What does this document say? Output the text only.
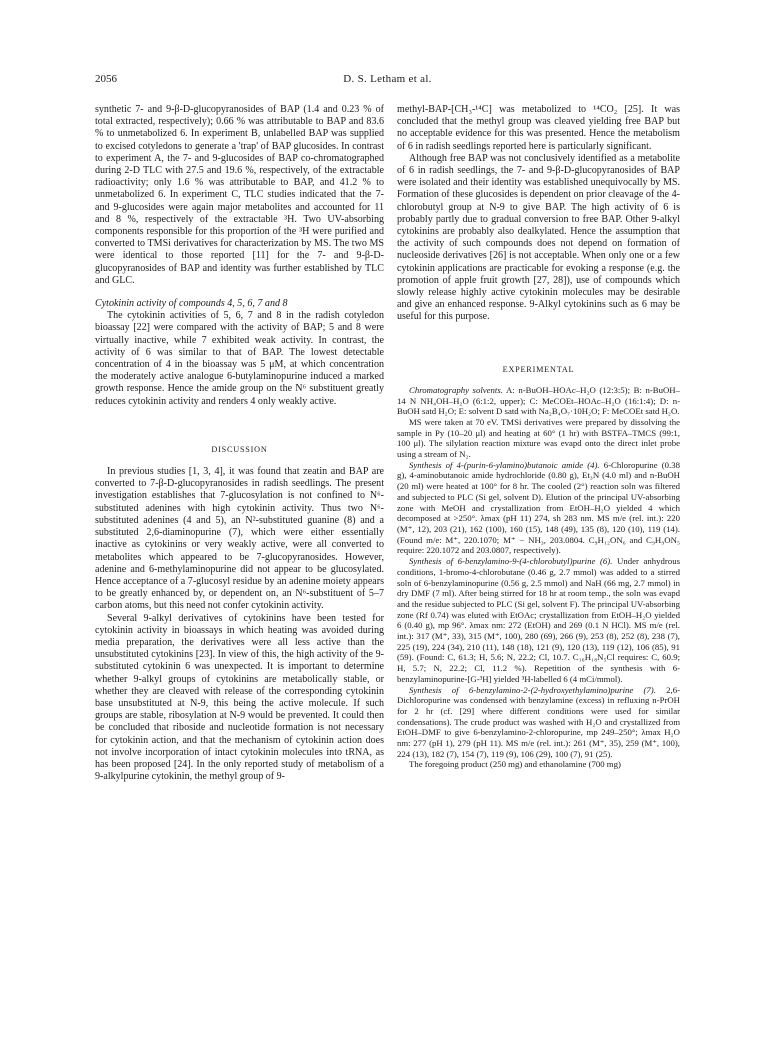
2056	D. S. Letham et al.

synthetic 7- and 9-β-D-glucopyranosides of BAP (1.4 and 0.23 % of total extracted, respectively); 0.66 % was attributable to BAP and 83.6 % to unmetabolized 6. In experiment B, unlabelled BAP was supplied to excised cotyledons to generate a 'trap' of BAP glucosides. In contrast to experiment A, the 7- and 9-glucosides of BAP co-chromatographed during 2-D TLC with 27.5 and 19.6 %, respectively, of the extractable radioactivity; only 1.6 % was attributable to BAP, and 41.2 % to unmetabolized 6. In experiment C, TLC studies indicated that the 7- and 9-glucosides were again major metabolites and accounted for 11 and 8 %, respectively of the extractable ³H. Two UV-absorbing components responsible for this proportion of the ³H were purified and converted to TMSi derivatives for characterization by MS. The two MS were identical to those reported [11] for the 7- and 9-β-D-glucopyranosides of BAP and identity was further established by TLC and GLC.

Cytokinin activity of compounds 4, 5, 6, 7 and 8

The cytokinin activities of 5, 6, 7 and 8 in the radish cotyledon bioassay [22] were compared with the activity of BAP; 5 and 8 were virtually inactive, while 7 exhibited weak activity. In contrast, the activity of 6 was similar to that of BAP. The lowest detectable concentration of 4 in the bioassay was 5 μM, at which concentration the moderately active analogue 6-butylaminopurine induced a marked growth response. Hence the amide group on the N⁶ substituent greatly reduces cytokinin activity and renders 4 only weakly active.

DISCUSSION

In previous studies [1, 3, 4], it was found that zeatin and BAP are converted to 7-β-D-glucopyranosides in radish seedlings. The present investigation establishes that 7-glucosylation is not confined to N⁶-substituted adenines with high cytokinin activity. Thus two N⁶-substituted adenines (4 and 5), an N²-substituted guanine (8) and a substituted 2,6-diaminopurine (7), which were either essentially inactive as cytokinins or very weakly active, were all converted to metabolites which appeared to be 7-glucopyranosides. However, adenine and 6-methylaminopurine did not appear to be glucosylated. Hence acceptance of a 7-glucosyl residue by an adenine moiety appears to be greatly enhanced by, or dependent on, an N⁶-substituent of 5–7 carbon atoms, but this need not confer cytokinin activity.

Several 9-alkyl derivatives of cytokinins have been tested for cytokinin activity in bioassays in which heating was avoided during media preparation, the derivatives were all less active than the unsubstituted cytokinins [23]. In view of this, the high activity of the 9-substituted cytokinin 6 was unexpected. It is important to determine whether 9-alkyl groups of cytokinins are metabolically stable, or whether they are cleaved with release of the corresponding cytokinin base unsubstituted at N-9, this being the active molecule. If such groups are stable, ribosylation at N-9 would be prevented. It could then be concluded that riboside and nucleotide formation is not necessary for cytokinin action, and that the mechanism of cytokinin action does not involve incorporation of intact cytokinin molecules into tRNA, as has been proposed [24]. In the only reported study of metabolism of a 9-alkylpurine cytokinin, the methyl group of 9-

methyl-BAP-[CH₃-¹⁴C] was metabolized to ¹⁴CO₂ [25]. It was concluded that the methyl group was cleaved yielding free BAP but no acceptable evidence for this was presented. Hence the metabolism of 6 in radish seedlings reported here is particularly significant.

Although free BAP was not conclusively identified as a metabolite of 6 in radish seedlings, the 7- and 9-β-D-glucopyranosides of BAP were isolated and their identity was established unequivocally by MS. Formation of these glucosides is dependent on prior cleavage of the 4-chlorobutyl group at N-9 to give BAP. The high activity of 6 is probably partly due to gradual conversion to free BAP. Other 9-alkyl cytokinins are probably also dealkylated. Hence the assumption that the activity of such compounds does not depend on formation of nucleoside derivatives [26] is not acceptable. When only one or a few cytokinin applications are practicable for evoking a response (e.g. the promotion of apple fruit growth [27, 28]), use of compounds which slowly release highly active cytokinin molecules may be desirable and give an enhanced response. 9-Alkyl cytokinins such as 6 may be useful for this purpose.

EXPERIMENTAL

Chromatography solvents. A: n-BuOH–HOAc–H₂O (12:3:5); B: n-BuOH–14 N NH₄OH–H₂O (6:1:2, upper); C: MeCOEt–HOAc–H₂O (16:1:4); D: n-BuOH satd H₂O; E: solvent D satd with Na₂B₄O₇·10H₂O; F: MeCOEt satd H₂O.

MS were taken at 70 eV. TMSi derivatives were prepared by dissolving the sample in Py (10–20 μl) and heating at 60° (1 hr) with BSTFA–TMCS (99:1, 100 μl). The silylation reaction mixture was evapd onto the direct inlet probe using a stream of N₂.

Synthesis of 4-(purin-6-ylamino)butanoic amide (4). 6-Chloropurine (0.38 g), 4-aminobutanoic amide hydrochloride (0.80 g), Et₃N (4.0 ml) and n-BuOH (20 ml) were heated at 100° for 8 hr. The cooled (2°) reaction soln was filtered and subjected to PLC (Si gel, solvent D). Elution of the principal UV-absorbing zone with MeOH and crystallization from EtOH–H₂O yielded 4 which decomposed at >250°. λmax (pH 11) 274, sh 283 nm. MS m/e (rel. int.): 220 (M⁺, 12), 203 (21), 162 (100), 160 (15), 148 (49), 135 (8), 120 (10), 119 (14). (Found m/e: M⁺, 220.1070; M⁺ − NH₃, 203.0804. C₉H₁₂ON₆ and C₉H₉ON₅ require: 220.1072 and 203.0807, respectively).

Synthesis of 6-benzylamino-9-(4-chlorobutyl)purine (6). Under anhydrous conditions, 1-bromo-4-chlorobutane (0.46 g, 2.7 mmol) was added to a stirred soln of 6-benzylaminopurine (0.56 g, 2.5 mmol) and NaH (66 mg, 2.7 mmol) in dry DMF (7 ml). After being stirred for 18 hr at room temp., the soln was evapd and the residue subjected to PLC (Si gel, solvent F). The principal UV-absorbing zone (Rf 0.74) was eluted with EtOAc; crystallization from EtOH–H₂O yielded 6 (0.40 g), mp 96°. λmax nm: 272 (EtOH) and 269 (0.1 N HCl). MS m/e (rel. int.): 317 (M⁺, 33), 315 (M⁺, 100), 280 (69), 266 (9), 253 (8), 252 (8), 238 (7), 225 (19), 224 (34), 210 (11), 148 (18), 121 (9), 120 (13), 119 (12), 106 (85), 91 (59). (Found: C, 61.3; H, 5.6; N, 22.2; Cl, 10.7. C₁₆H₁₈N₅Cl requires: C, 60.9; H, 5.7; N, 22.2; Cl, 11.2 %). Repetition of the synthesis with 6-benzylaminopurine-[G-³H] yielded ³H-labelled 6 (4 mCi/mmol).

Synthesis of 6-benzylamino-2-(2-hydroxyethylamino)purine (7). 2,6-Dichloropurine was condensed with benzylamine (excess) in refluxing n-PrOH for 2 hr (cf. [29] where different conditions were used for similar condensations). The crude product was washed with H₂O and crystallized from EtOH–DMF to give 6-benzylamino-2-chloropurine, mp 249–250°; λmax H₂O nm: 277 (pH 1), 279 (pH 11). MS m/e (rel. int.): 261 (M⁺, 35), 259 (M⁺, 100), 224 (13), 182 (7), 154 (7), 119 (9), 106 (29), 100 (7), 91 (25).

The foregoing product (250 mg) and ethanolamine (700 mg)
